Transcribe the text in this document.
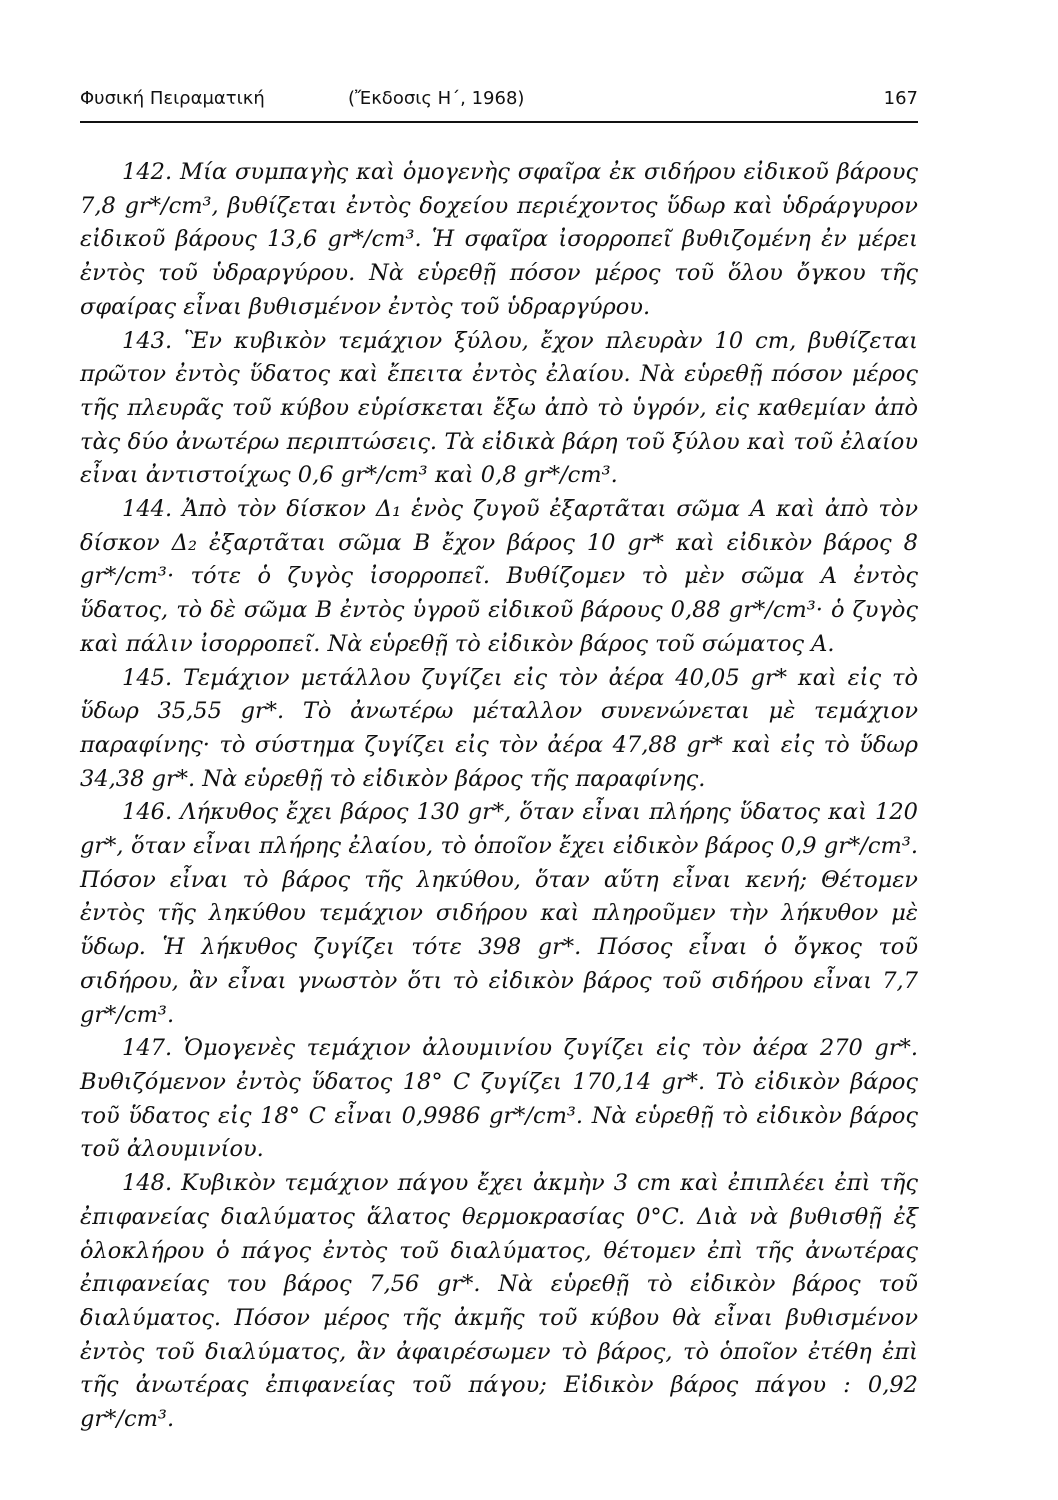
Φυσική Πειραματική	(Ἔκδοσις Η΄, 1968)	167

142. Μία συμπαγὴς καὶ ὁμογενὴς σφαῖρα ἐκ σιδήρου εἰδικοῦ βάρους 7,8 gr*/cm³, βυθίζεται ἐντὸς δοχείου περιέχοντος ὕδωρ καὶ ὑδράργυρον εἰδικοῦ βάρους 13,6 gr*/cm³. Ἡ σφαῖρα ἰσορροπεῖ βυθιζομένη ἐν μέρει ἐντὸς τοῦ ὑδραργύρου. Νὰ εὑρεθῇ πόσον μέρος τοῦ ὅλου ὄγκου τῆς σφαίρας εἶναι βυθισμένον ἐντὸς τοῦ ὑδραργύρου.

143. Ἓν κυβικὸν τεμάχιον ξύλου, ἔχον πλευρὰν 10 cm, βυθίζεται πρῶτον ἐντὸς ὕδατος καὶ ἔπειτα ἐντὸς ἐλαίου. Νὰ εὑρεθῇ πόσον μέρος τῆς πλευρᾶς τοῦ κύβου εὑρίσκεται ἔξω ἀπὸ τὸ ὑγρόν, εἰς καθεμίαν ἀπὸ τὰς δύο ἀνωτέρω περιπτώσεις. Τὰ εἰδικὰ βάρη τοῦ ξύλου καὶ τοῦ ἐλαίου εἶναι ἀντιστοίχως 0,6 gr*/cm³ καὶ 0,8 gr*/cm³.

144. Ἀπὸ τὸν δίσκον Δ₁ ἑνὸς ζυγοῦ ἐξαρτᾶται σῶμα Α καὶ ἀπὸ τὸν δίσκον Δ₂ ἐξαρτᾶται σῶμα Β ἔχον βάρος 10 gr* καὶ εἰδικὸν βάρος 8 gr*/cm³· τότε ὁ ζυγὸς ἰσορροπεῖ. Βυθίζομεν τὸ μὲν σῶμα Α ἐντὸς ὕδατος, τὸ δὲ σῶμα Β ἐντὸς ὑγροῦ εἰδικοῦ βάρους 0,88 gr*/cm³· ὁ ζυγὸς καὶ πάλιν ἰσορροπεῖ. Νὰ εὑρεθῇ τὸ εἰδικὸν βάρος τοῦ σώματος Α.

145. Τεμάχιον μετάλλου ζυγίζει εἰς τὸν ἀέρα 40,05 gr* καὶ εἰς τὸ ὕδωρ 35,55 gr*. Τὸ ἀνωτέρω μέταλλον συνενώνεται μὲ τεμάχιον παραφίνης· τὸ σύστημα ζυγίζει εἰς τὸν ἀέρα 47,88 gr* καὶ εἰς τὸ ὕδωρ 34,38 gr*. Νὰ εὑρεθῇ τὸ εἰδικὸν βάρος τῆς παραφίνης.

146. Λήκυθος ἔχει βάρος 130 gr*, ὅταν εἶναι πλήρης ὕδατος καὶ 120 gr*, ὅταν εἶναι πλήρης ἐλαίου, τὸ ὁποῖον ἔχει εἰδικὸν βάρος 0,9 gr*/cm³. Πόσον εἶναι τὸ βάρος τῆς ληκύθου, ὅταν αὕτη εἶναι κενή; Θέτομεν ἐντὸς τῆς ληκύθου τεμάχιον σιδήρου καὶ πληροῦμεν τὴν λήκυθον μὲ ὕδωρ. Ἡ λήκυθος ζυγίζει τότε 398 gr*. Πόσος εἶναι ὁ ὄγκος τοῦ σιδήρου, ἂν εἶναι γνωστὸν ὅτι τὸ εἰδικὸν βάρος τοῦ σιδήρου εἶναι 7,7 gr*/cm³.

147. Ὁμογενὲς τεμάχιον ἀλουμινίου ζυγίζει εἰς τὸν ἀέρα 270 gr*. Βυθιζόμενον ἐντὸς ὕδατος 18° C ζυγίζει 170,14 gr*. Τὸ εἰδικὸν βάρος τοῦ ὕδατος εἰς 18° C εἶναι 0,9986 gr*/cm³. Νὰ εὑρεθῇ τὸ εἰδικὸν βάρος τοῦ ἀλουμινίου.

148. Κυβικὸν τεμάχιον πάγου ἔχει ἀκμὴν 3 cm καὶ ἐπιπλέει ἐπὶ τῆς ἐπιφανείας διαλύματος ἅλατος θερμοκρασίας 0°C. Διὰ νὰ βυθισθῇ ἐξ ὁλοκλήρου ὁ πάγος ἐντὸς τοῦ διαλύματος, θέτομεν ἐπὶ τῆς ἀνωτέρας ἐπιφανείας του βάρος 7,56 gr*. Νὰ εὑρεθῇ τὸ εἰδικὸν βάρος τοῦ διαλύματος. Πόσον μέρος τῆς ἀκμῆς τοῦ κύβου θὰ εἶναι βυθισμένον ἐντὸς τοῦ διαλύματος, ἂν ἀφαιρέσωμεν τὸ βάρος, τὸ ὁποῖον ἐτέθη ἐπὶ τῆς ἀνωτέρας ἐπιφανείας τοῦ πάγου; Εἰδικὸν βάρος πάγου : 0,92 gr*/cm³.
